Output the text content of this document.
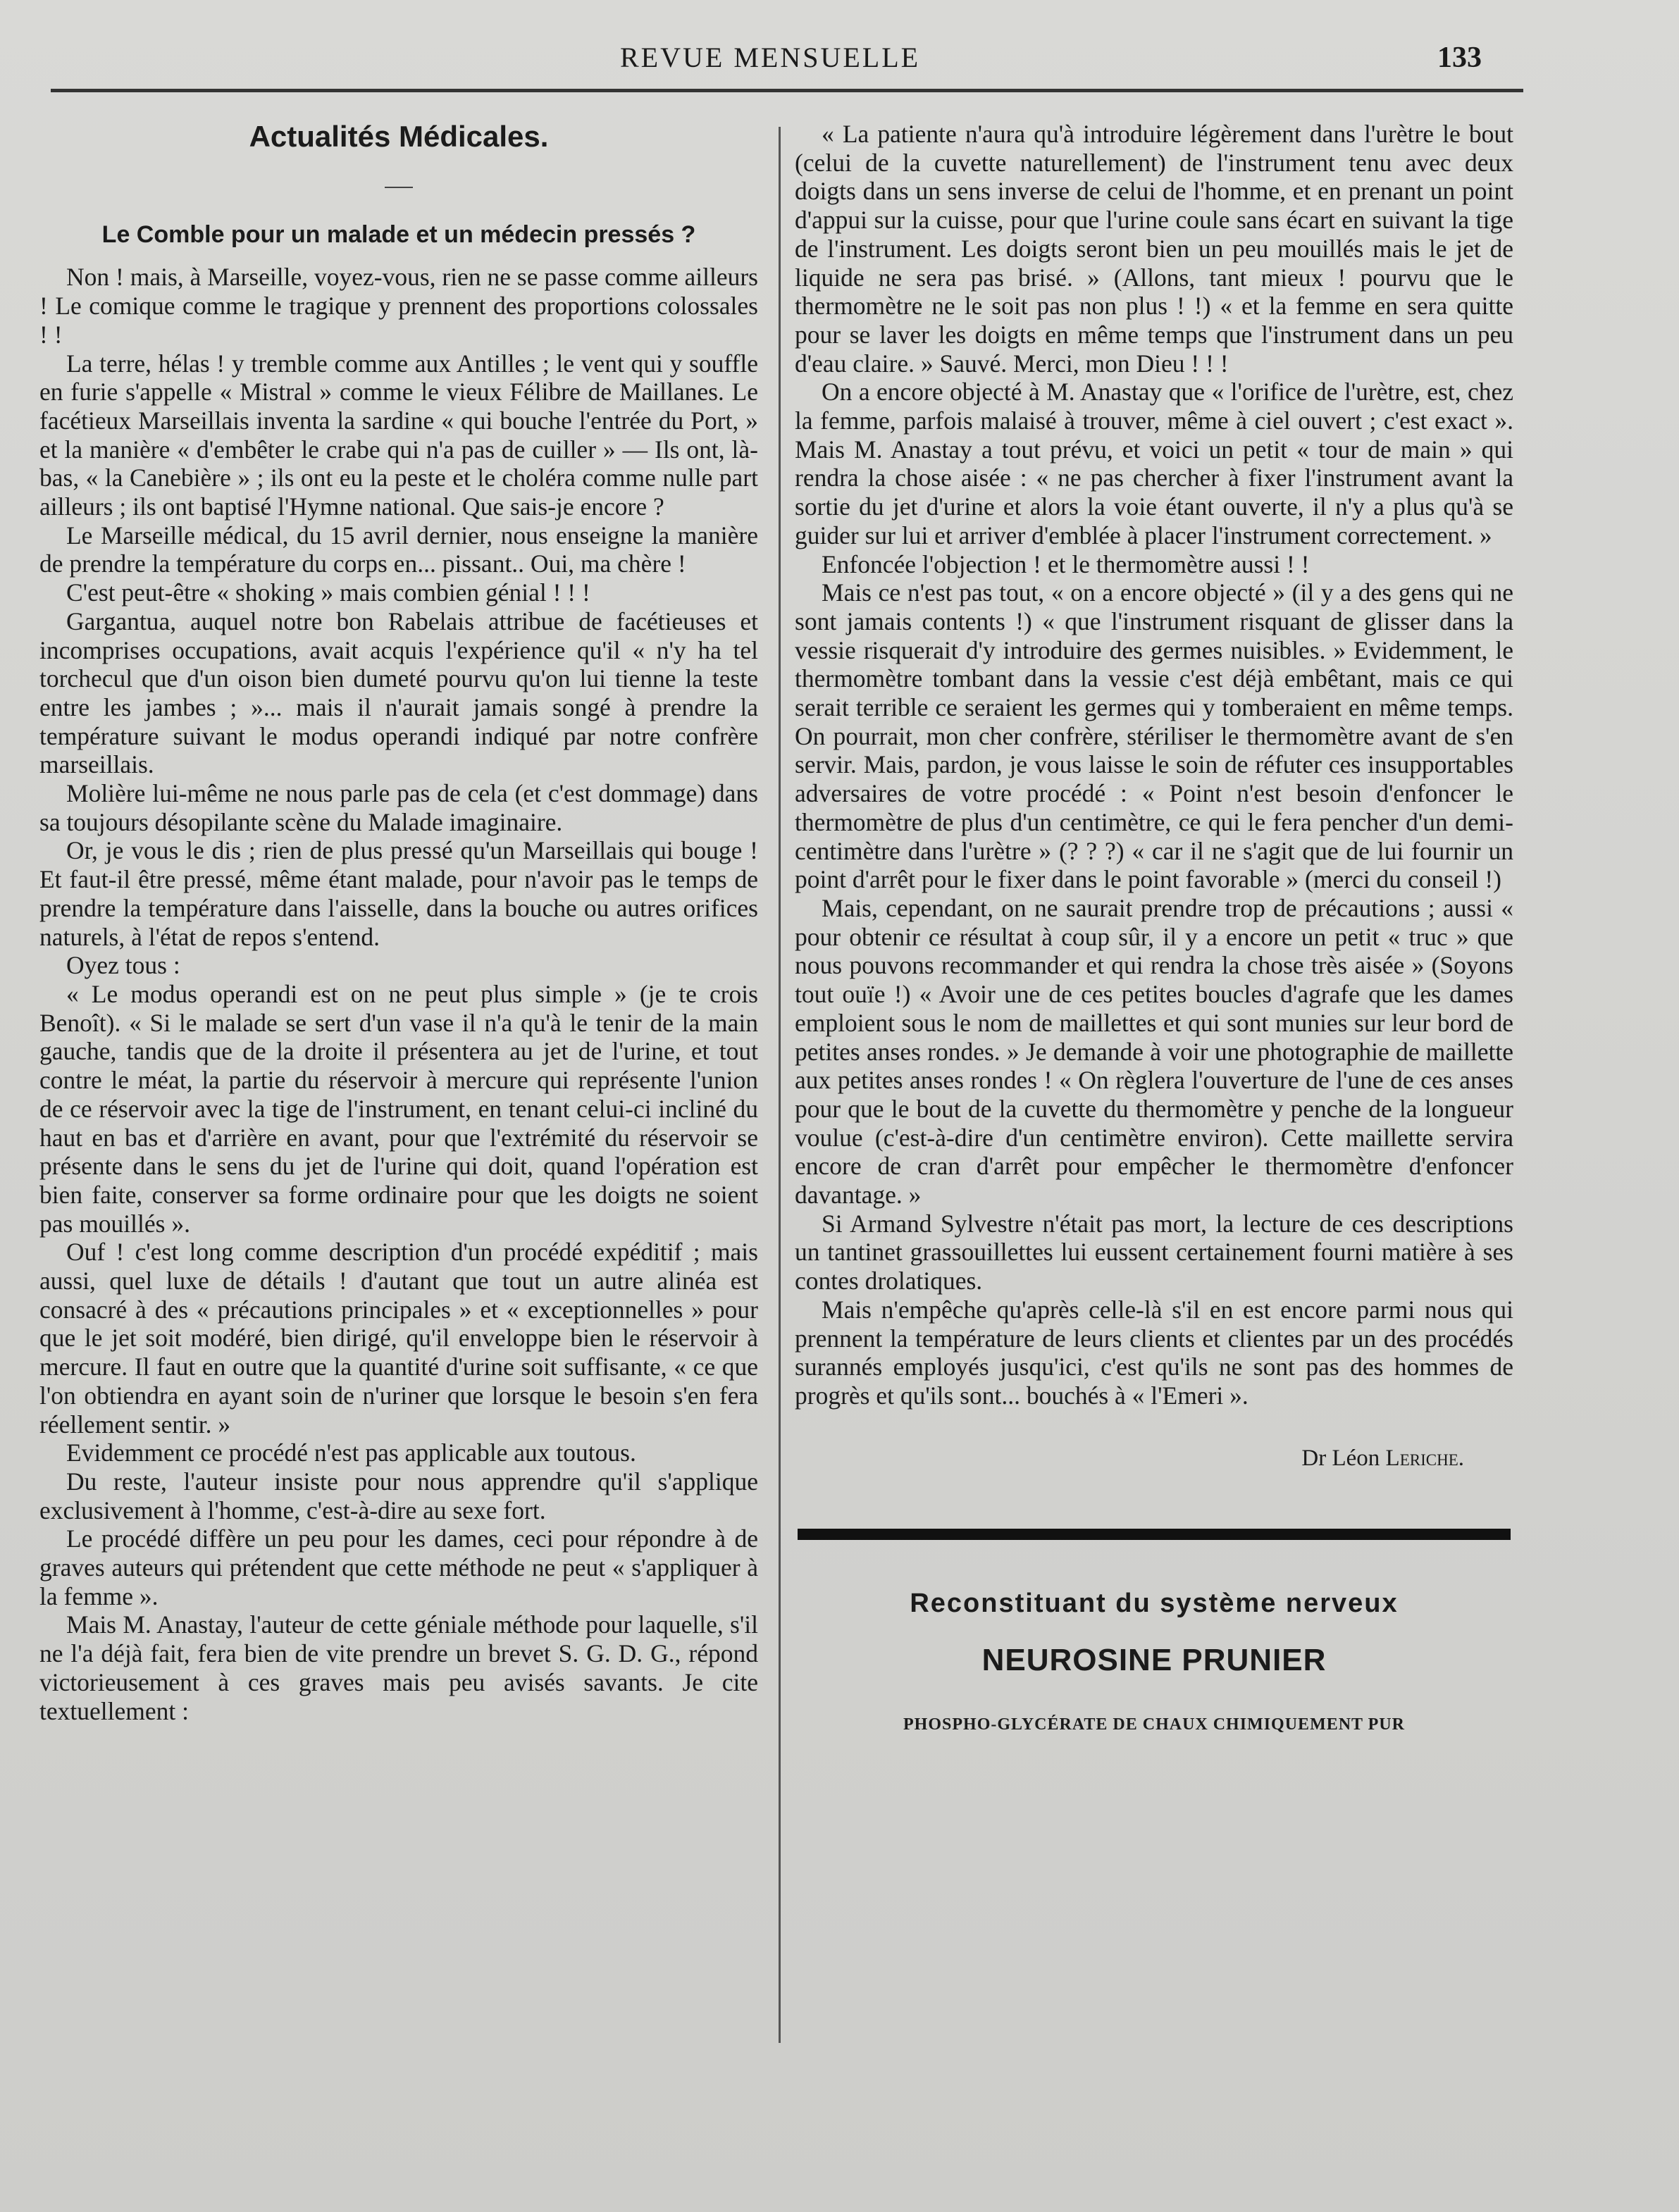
REVUE MENSUELLE	133
Actualités Médicales.
Le Comble pour un malade et un médecin pressés ?

Non ! mais, à Marseille, voyez-vous, rien ne se passe comme ailleurs ! Le comique comme le tragique y prennent des proportions colossales ! !

La terre, hélas ! y tremble comme aux Antilles ; le vent qui y souffle en furie s'appelle « Mistral » comme le vieux Félibre de Maillanes. Le facétieux Marseillais inventa la sardine « qui bouche l'entrée du Port, » et la manière « d'embêter le crabe qui n'a pas de cuiller » — Ils ont, là-bas, « la Canebière » ; ils ont eu la peste et le choléra comme nulle part ailleurs ; ils ont baptisé l'Hymne national. Que sais-je encore ?

Le Marseille médical, du 15 avril dernier, nous enseigne la manière de prendre la température du corps en... pissant.. Oui, ma chère !

C'est peut-être « shoking » mais combien génial ! ! !

Gargantua, auquel notre bon Rabelais attribue de facétieuses et incomprises occupations, avait acquis l'expérience qu'il « n'y ha tel torchecul que d'un oison bien dumeté pourvu qu'on lui tienne la teste entre les jambes ; »... mais il n'aurait jamais songé à prendre la température suivant le modus operandi indiqué par notre confrère marseillais.

Molière lui-même ne nous parle pas de cela (et c'est dommage) dans sa toujours désopilante scène du Malade imaginaire.

Or, je vous le dis ; rien de plus pressé qu'un Marseillais qui bouge ! Et faut-il être pressé, même étant malade, pour n'avoir pas le temps de prendre la température dans l'aisselle, dans la bouche ou autres orifices naturels, à l'état de repos s'entend.

Oyez tous :

« Le modus operandi est on ne peut plus simple » (je te crois Benoît). « Si le malade se sert d'un vase il n'a qu'à le tenir de la main gauche, tandis que de la droite il présentera au jet de l'urine, et tout contre le méat, la partie du réservoir à mercure qui représente l'union de ce réservoir avec la tige de l'instrument, en tenant celui-ci incliné du haut en bas et d'arrière en avant, pour que l'extrémité du réservoir se présente dans le sens du jet de l'urine qui doit, quand l'opération est bien faite, conserver sa forme ordinaire pour que les doigts ne soient pas mouillés ».

Ouf ! c'est long comme description d'un procédé expéditif ; mais aussi, quel luxe de détails ! d'autant que tout un autre alinéa est consacré à des « précautions principales » et « exceptionnelles » pour que le jet soit modéré, bien dirigé, qu'il enveloppe bien le réservoir à mercure. Il faut en outre que la quantité d'urine soit suffisante, « ce que l'on obtiendra en ayant soin de n'uriner que lorsque le besoin s'en fera réellement sentir. »

Evidemment ce procédé n'est pas applicable aux toutous.

Du reste, l'auteur insiste pour nous apprendre qu'il s'applique exclusivement à l'homme, c'est-à-dire au sexe fort.

Le procédé diffère un peu pour les dames, ceci pour répondre à de graves auteurs qui prétendent que cette méthode ne peut « s'appliquer à la femme ».

Mais M. Anastay, l'auteur de cette géniale méthode pour laquelle, s'il ne l'a déjà fait, fera bien de vite prendre un brevet S. G. D. G., répond victorieusement à ces graves mais peu avisés savants. Je cite textuellement :

« La patiente n'aura qu'à introduire légèrement dans l'urètre le bout (celui de la cuvette naturellement) de l'instrument tenu avec deux doigts dans un sens inverse de celui de l'homme, et en prenant un point d'appui sur la cuisse, pour que l'urine coule sans écart en suivant la tige de l'instrument. Les doigts seront bien un peu mouillés mais le jet de liquide ne sera pas brisé. » (Allons, tant mieux ! pourvu que le thermomètre ne le soit pas non plus ! !) « et la femme en sera quitte pour se laver les doigts en même temps que l'instrument dans un peu d'eau claire. » Sauvé. Merci, mon Dieu ! ! !

On a encore objecté à M. Anastay que « l'orifice de l'urètre, est, chez la femme, parfois malaisé à trouver, même à ciel ouvert ; c'est exact ». Mais M. Anastay a tout prévu, et voici un petit « tour de main » qui rendra la chose aisée : « ne pas chercher à fixer l'instrument avant la sortie du jet d'urine et alors la voie étant ouverte, il n'y a plus qu'à se guider sur lui et arriver d'emblée à placer l'instrument correctement. »

Enfoncée l'objection ! et le thermomètre aussi ! !

Mais ce n'est pas tout, « on a encore objecté » (il y a des gens qui ne sont jamais contents !) « que l'instrument risquant de glisser dans la vessie risquerait d'y introduire des germes nuisibles. » Evidemment, le thermomètre tombant dans la vessie c'est déjà embêtant, mais ce qui serait terrible ce seraient les germes qui y tomberaient en même temps. On pourrait, mon cher confrère, stériliser le thermomètre avant de s'en servir. Mais, pardon, je vous laisse le soin de réfuter ces insupportables adversaires de votre procédé : « Point n'est besoin d'enfoncer le thermomètre de plus d'un centimètre, ce qui le fera pencher d'un demi-centimètre dans l'urètre » (? ? ?) « car il ne s'agit que de lui fournir un point d'arrêt pour le fixer dans le point favorable » (merci du conseil !)

Mais, cependant, on ne saurait prendre trop de précautions ; aussi « pour obtenir ce résultat à coup sûr, il y a encore un petit « truc » que nous pouvons recommander et qui rendra la chose très aisée » (Soyons tout ouïe !) « Avoir une de ces petites boucles d'agrafe que les dames emploient sous le nom de maillettes et qui sont munies sur leur bord de petites anses rondes. » Je demande à voir une photographie de maillette aux petites anses rondes ! « On règlera l'ouverture de l'une de ces anses pour que le bout de la cuvette du thermomètre y penche de la longueur voulue (c'est-à-dire d'un centimètre environ). Cette maillette servira encore de cran d'arrêt pour empêcher le thermomètre d'enfoncer davantage. »

Si Armand Sylvestre n'était pas mort, la lecture de ces descriptions un tantinet grassouillettes lui eussent certainement fourni matière à ses contes drolatiques.

Mais n'empêche qu'après celle-là s'il en est encore parmi nous qui prennent la température de leurs clients et clientes par un des procédés surannés employés jusqu'ici, c'est qu'ils ne sont pas des hommes de progrès et qu'ils sont... bouchés à « l'Emeri ».

Dr Léon Leriche.
Reconstituant du système nerveux
NEUROSINE PRUNIER
PHOSPHO-GLYCÉRATE DE CHAUX CHIMIQUEMENT PUR
